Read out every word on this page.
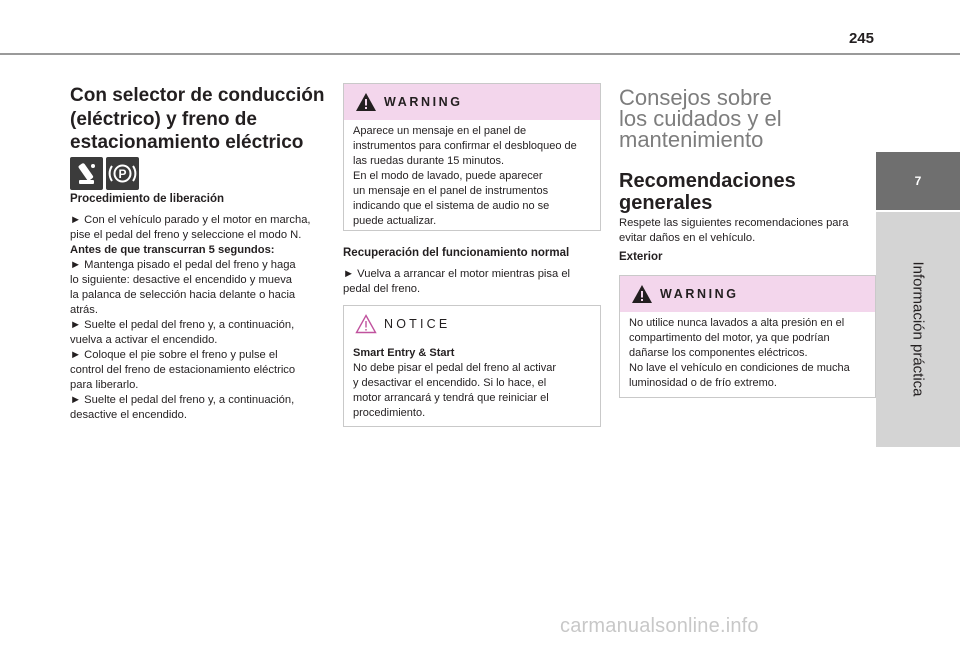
245
7
Información práctica
Con selector de conducción
(eléctrico) y freno de
estacionamiento eléctrico
P
Procedimiento de liberación

► Con el vehículo parado y el motor en marcha,
pise el pedal del freno y seleccione el modo N.
Antes de que transcurran 5 segundos:
► Mantenga pisado el pedal del freno y haga
lo siguiente: desactive el encendido y mueva
la palanca de selección hacia delante o hacia
atrás.
► Suelte el pedal del freno y, a continuación,
vuelva a activar el encendido.
► Coloque el pie sobre el freno y pulse el
control del freno de estacionamiento eléctrico
para liberarlo.
► Suelte el pedal del freno y, a continuación,
desactive el encendido.

WARNING

Aparece un mensaje en el panel de
instrumentos para confirmar el desbloqueo de
las ruedas durante 15 minutos.
En el modo de lavado, puede aparecer
un mensaje en el panel de instrumentos
indicando que el sistema de audio no se
puede actualizar.

Recuperación del funcionamiento normal

► Vuelva a arrancar el motor mientras pisa el
pedal del freno.

NOTICE

Smart Entry & Start
No debe pisar el pedal del freno al activar
y desactivar el encendido. Si lo hace, el
motor arrancará y tendrá que reiniciar el
procedimiento.

Consejos sobre
los cuidados y el
mantenimiento
Recomendaciones
generales

Respete las siguientes recomendaciones para
evitar daños en el vehículo.

Exterior
WARNING

No utilice nunca lavados a alta presión en el
compartimento del motor, ya que podrían
dañarse los componentes eléctricos.
No lave el vehículo en condiciones de mucha
luminosidad o de frío extremo.

carmanualsonline.info
